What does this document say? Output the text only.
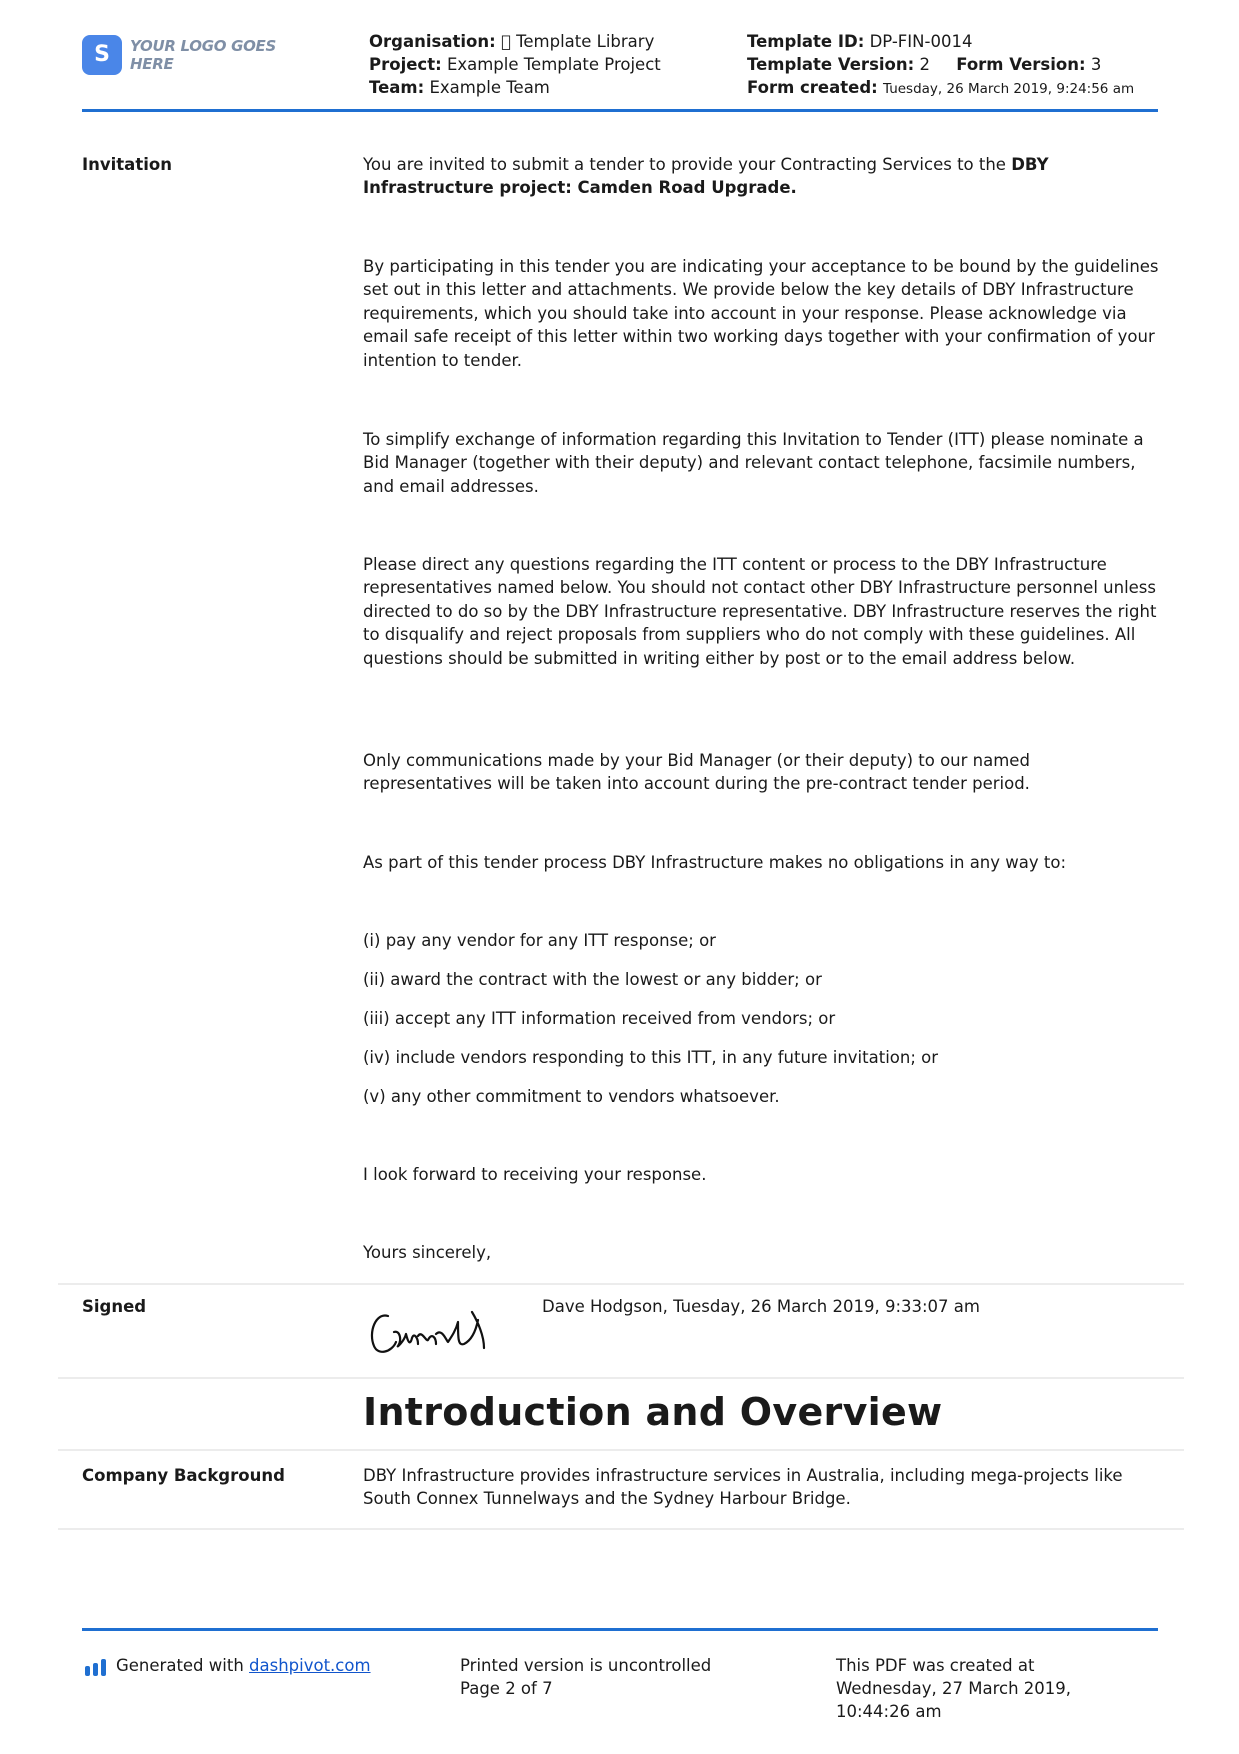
S YOUR LOGO GOES HERE
Organisation: Template Library
Project: Example Template Project
Team: Example Team
Template ID: DP-FIN-0014
Template Version: 2 Form Version: 3
Form created: Tuesday, 26 March 2019, 9:24:56 am
Invitation	You are invited to submit a tender to provide your Contracting Services to the DBY Infrastructure project: Camden Road Upgrade.

By participating in this tender you are indicating your acceptance to be bound by the guidelines set out in this letter and attachments. We provide below the key details of DBY Infrastructure requirements, which you should take into account in your response. Please acknowledge via email safe receipt of this letter within two working days together with your confirmation of your intention to tender.
To simplify exchange of information regarding this Invitation to Tender (ITT) please nominate a Bid Manager (together with their deputy) and relevant contact telephone, facsimile numbers, and email addresses.
Please direct any questions regarding the ITT content or process to the DBY Infrastructure representatives named below. You should not contact other DBY Infrastructure personnel unless directed to do so by the DBY Infrastructure representative. DBY Infrastructure reserves the right to disqualify and reject proposals from suppliers who do not comply with these guidelines. All questions should be submitted in writing either by post or to the email address below.
Only communications made by your Bid Manager (or their deputy) to our named representatives will be taken into account during the pre-contract tender period.
As part of this tender process DBY Infrastructure makes no obligations in any way to:
(i) pay any vendor for any ITT response; or
(ii) award the contract with the lowest or any bidder; or
(iii) accept any ITT information received from vendors; or
(iv) include vendors responding to this ITT, in any future invitation; or
(v) any other commitment to vendors whatsoever.
I look forward to receiving your response.
Yours sincerely,
Signed	Dave Hodgson, Tuesday, 26 March 2019, 9:33:07 am
Introduction and Overview
Company Background	DBY Infrastructure provides infrastructure services in Australia, including mega-projects like South Connex Tunnelways and the Sydney Harbour Bridge.
Generated with dashpivot.com	Printed version is uncontrolled
Page 2 of 7
This PDF was created at
Wednesday, 27 March 2019,
10:44:26 am
